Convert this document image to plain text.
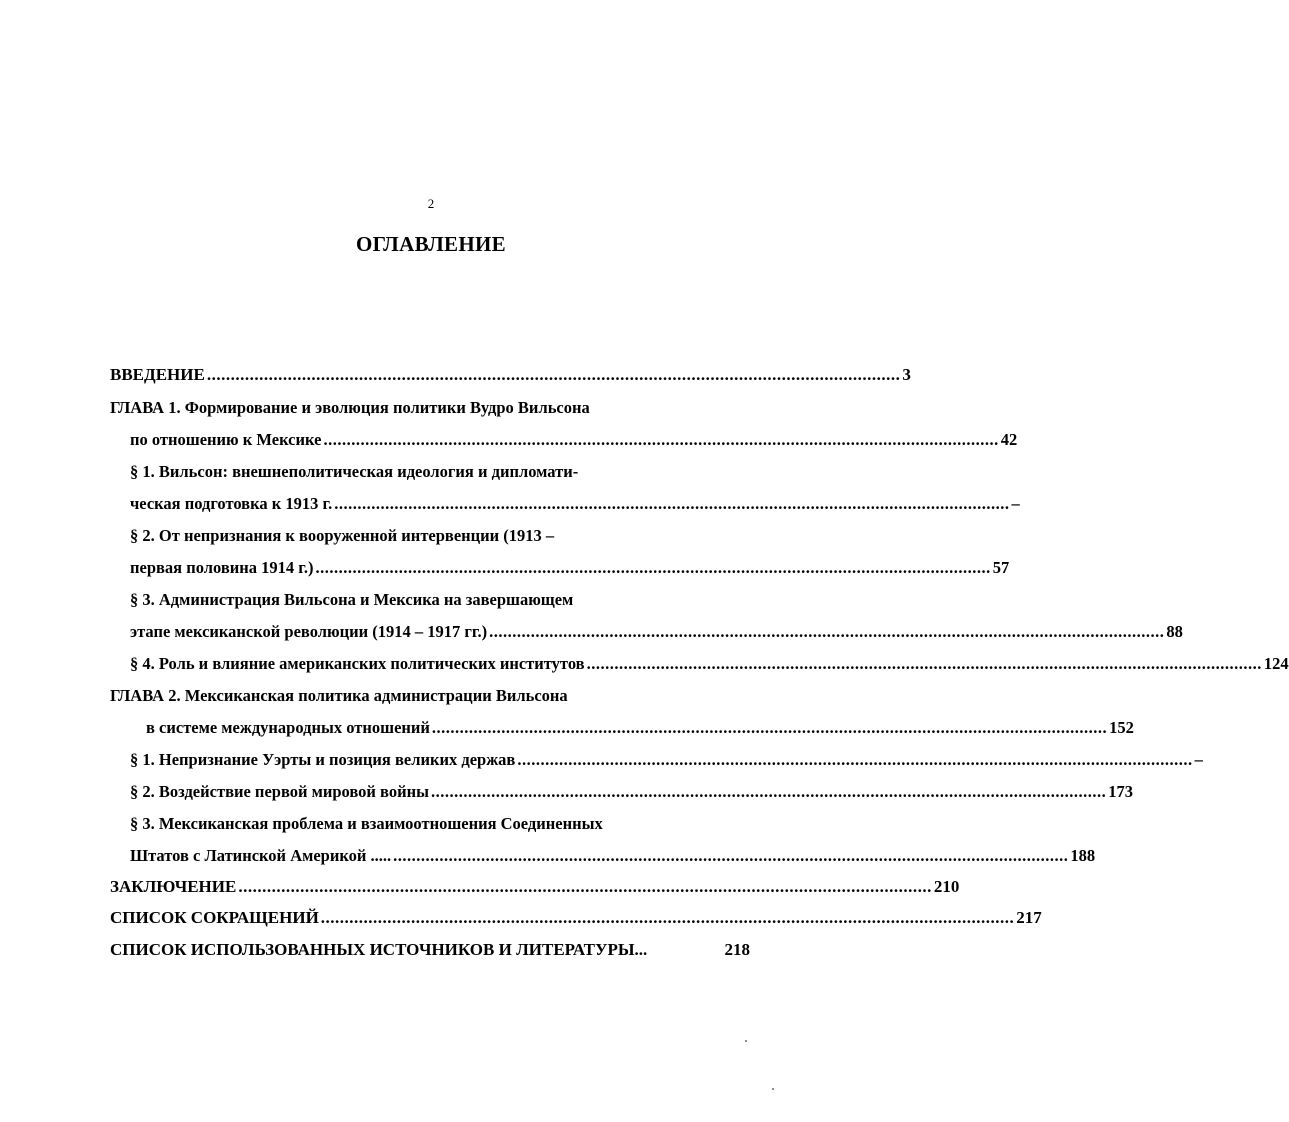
2
ОГЛАВЛЕНИЕ
ВВЕДЕНИЕ .................................................................................................................................................. 3
ГЛАВА 1. Формирование и эволюция политики Вудро Вильсона
по отношению к Мексике .................................................................................................................................................. 42
§ 1. Вильсон: внешнеполитическая идеология и дипломати-
ческая подготовка к 1913 г. .................................................................................................................................................. –
§ 2. От непризнания к вооруженной интервенции (1913 –
первая половина 1914 г.) .................................................................................................................................................. 57
§ 3. Администрация Вильсона и Мексика на завершающем
этапе мексиканской революции (1914 – 1917 гг.) .................................................................................................................................................. 88
§ 4. Роль и влияние американских политических институтов .................................................................................................................................................. 124
ГЛАВА 2. Мексиканская политика администрации Вильсона
в системе международных отношений .................................................................................................................................................. 152
§ 1. Непризнание Уэрты и позиция великих держав .................................................................................................................................................. –
§ 2. Воздействие первой мировой войны .................................................................................................................................................. 173
§ 3. Мексиканская проблема и взаимоотношения Соединенных
Штатов с Латинской Америкой ..... .................................................................................................................................................. 188
ЗАКЛЮЧЕНИЕ .................................................................................................................................................. 210
СПИСОК СОКРАЩЕНИЙ .................................................................................................................................................. 217
СПИСОК ИСПОЛЬЗОВАННЫХ ИСТОЧНИКОВ И ЛИТЕРАТУРЫ...	218
